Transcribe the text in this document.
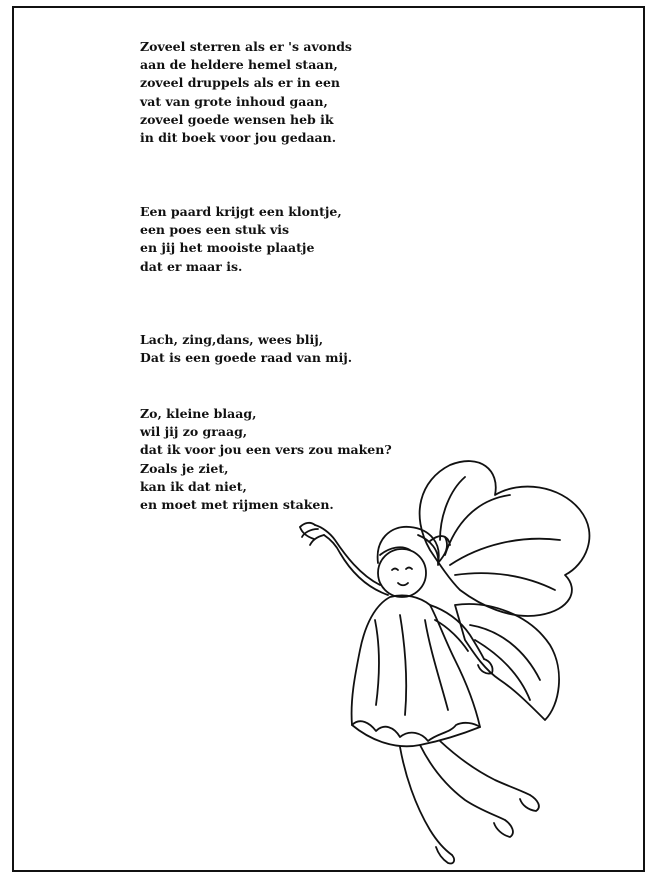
Zoveel sterren als er 's avonds
aan de heldere hemel staan,
zoveel druppels als er in een
vat van grote inhoud gaan,
zoveel goede wensen heb ik
in dit boek voor jou gedaan.
Een paard krijgt een klontje,
een poes een stuk vis
en jij het mooiste plaatje
dat er maar is.
Lach, zing,dans, wees blij,
Dat is een goede raad van mij.
Zo, kleine blaag,
wil jij zo graag,
dat ik voor jou een vers zou maken?
Zoals je ziet,
kan ik dat niet,
en moet met rijmen staken.
